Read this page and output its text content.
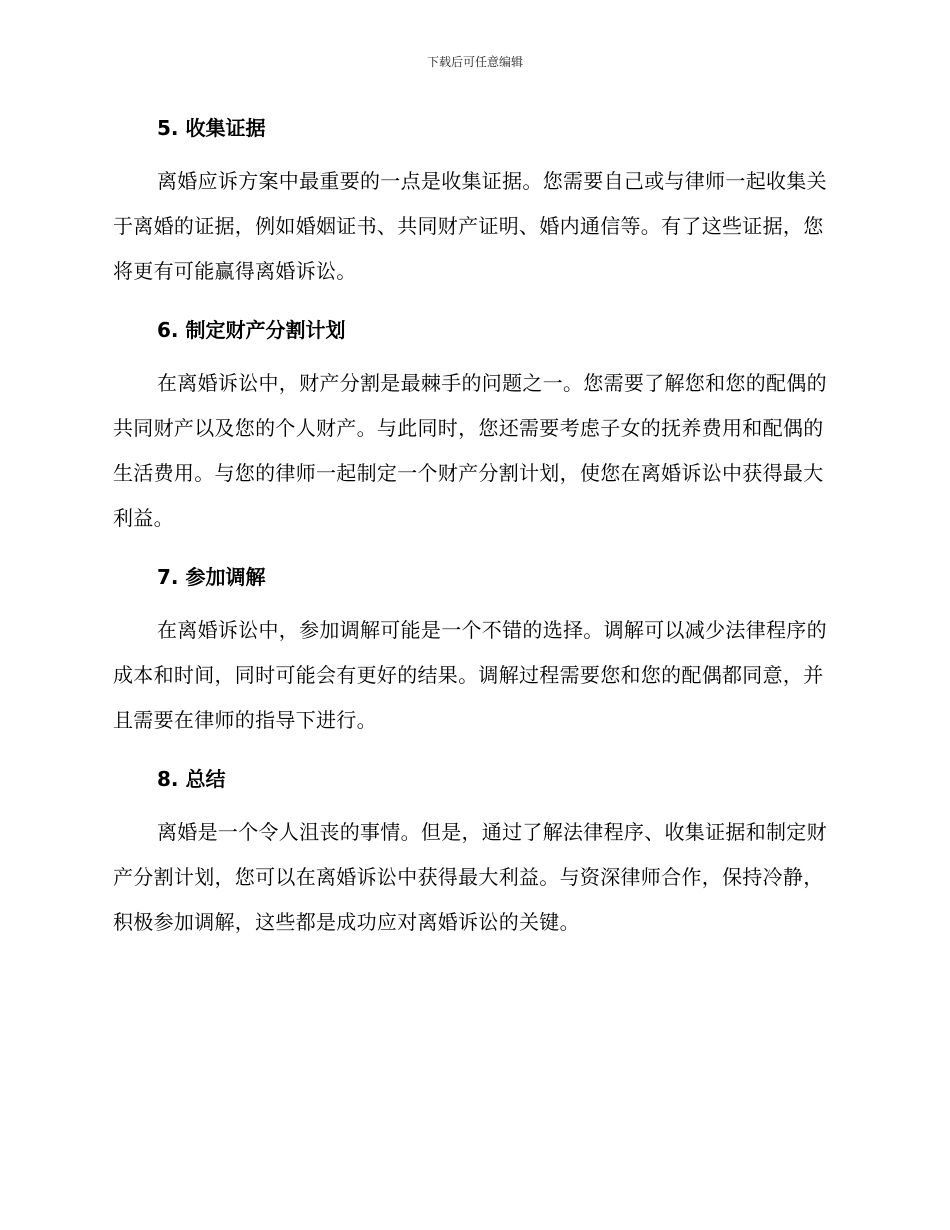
下载后可任意编辑
5. 收集证据

离婚应诉方案中最重要的一点是收集证据。您需要自己或与律师一起收集关于离婚的证据，例如婚姻证书、共同财产证明、婚内通信等。有了这些证据，您将更有可能赢得离婚诉讼。

6. 制定财产分割计划

在离婚诉讼中，财产分割是最棘手的问题之一。您需要了解您和您的配偶的共同财产以及您的个人财产。与此同时，您还需要考虑子女的抚养费用和配偶的生活费用。与您的律师一起制定一个财产分割计划，使您在离婚诉讼中获得最大利益。

7. 参加调解

在离婚诉讼中，参加调解可能是一个不错的选择。调解可以减少法律程序的成本和时间，同时可能会有更好的结果。调解过程需要您和您的配偶都同意，并且需要在律师的指导下进行。

8. 总结

离婚是一个令人沮丧的事情。但是，通过了解法律程序、收集证据和制定财产分割计划，您可以在离婚诉讼中获得最大利益。与资深律师合作，保持冷静，积极参加调解，这些都是成功应对离婚诉讼的关键。
